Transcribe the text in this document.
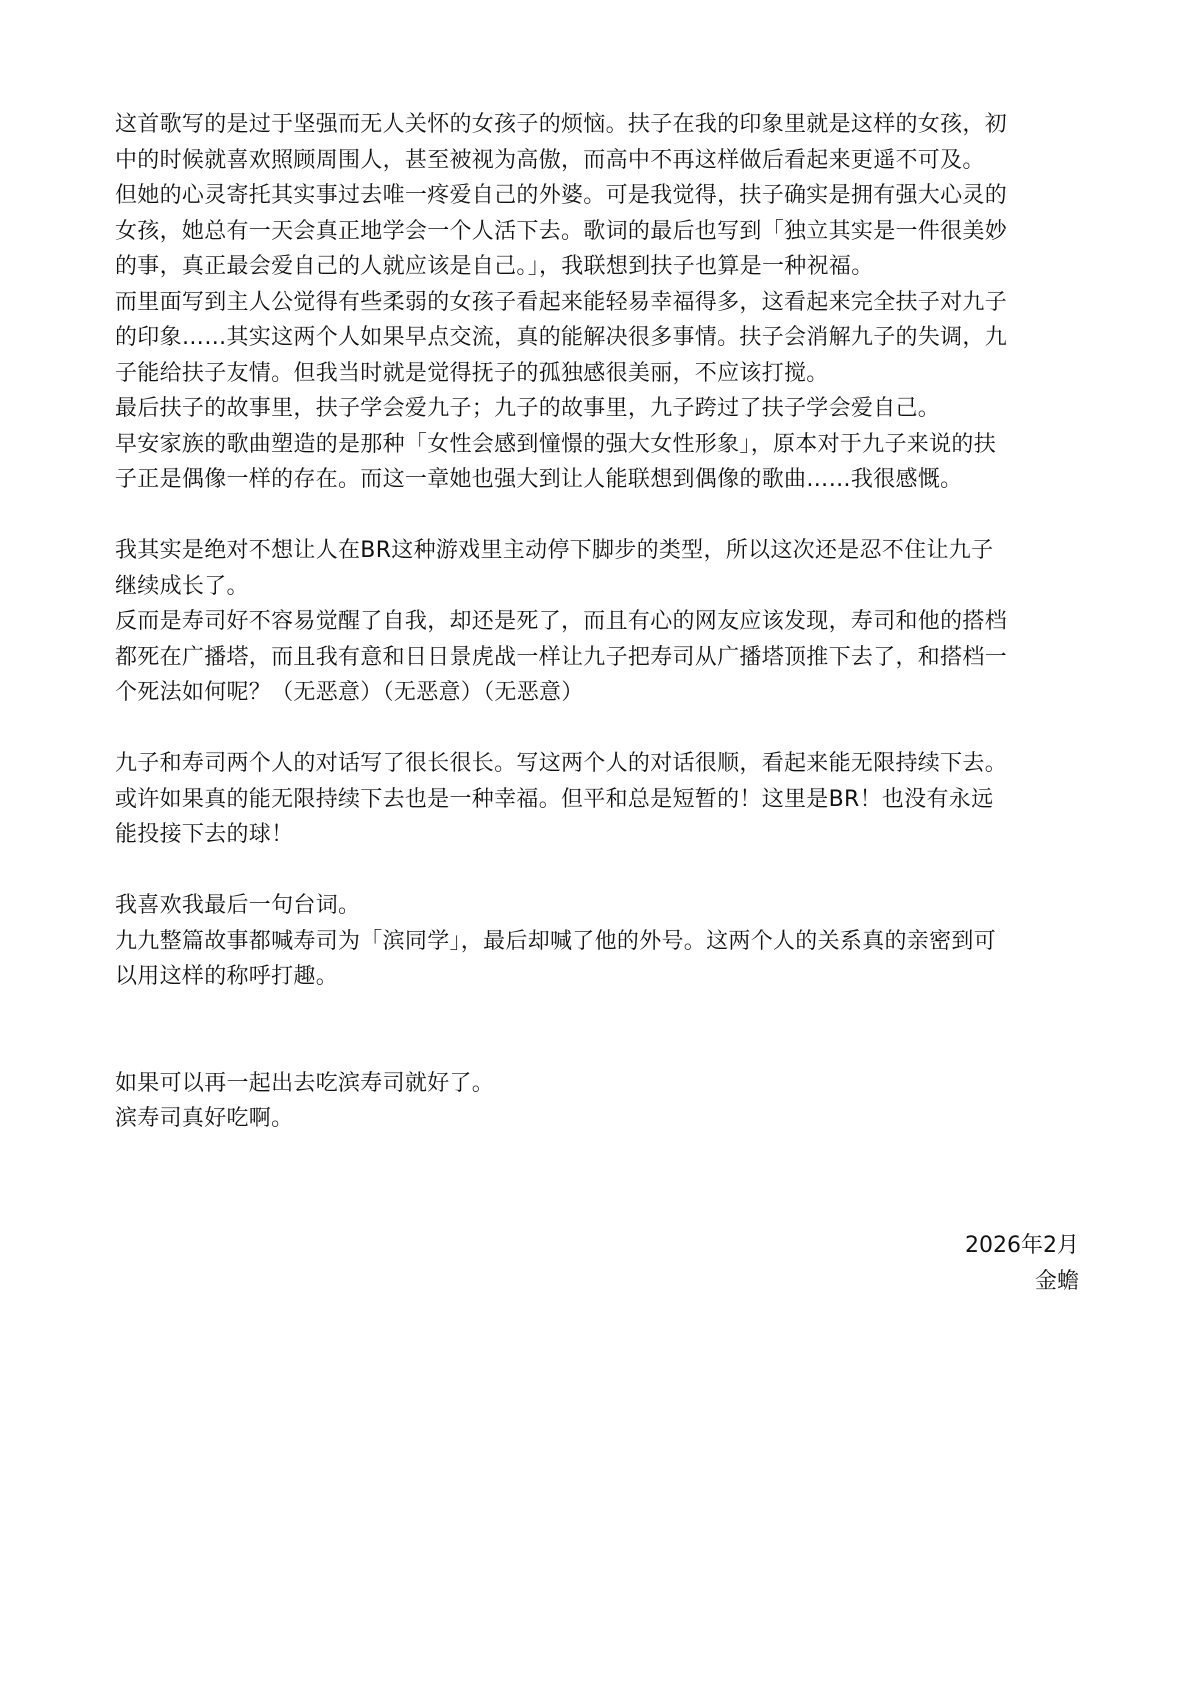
这首歌写的是过于坚强而无人关怀的女孩子的烦恼。扶子在我的印象里就是这样的女孩，初

中的时候就喜欢照顾周围人，甚至被视为高傲，而高中不再这样做后看起来更遥不可及。

但她的心灵寄托其实事过去唯一疼爱自己的外婆。可是我觉得，扶子确实是拥有强大心灵的

女孩，她总有一天会真正地学会一个人活下去。歌词的最后也写到「独立其实是一件很美妙

的事，真正最会爱自己的人就应该是自己。」，我联想到扶子也算是一种祝福。

而里面写到主人公觉得有些柔弱的女孩子看起来能轻易幸福得多，这看起来完全扶子对九子

的印象……其实这两个人如果早点交流，真的能解决很多事情。扶子会消解九子的失调，九

子能给扶子友情。但我当时就是觉得抚子的孤独感很美丽，不应该打搅。

最后扶子的故事里，扶子学会爱九子；九子的故事里，九子跨过了扶子学会爱自己。

早安家族的歌曲塑造的是那种「女性会感到憧憬的强大女性形象」，原本对于九子来说的扶

子正是偶像一样的存在。而这一章她也强大到让人能联想到偶像的歌曲……我很感慨。

我其实是绝对不想让人在BR这种游戏里主动停下脚步的类型，所以这次还是忍不住让九子

继续成长了。

反而是寿司好不容易觉醒了自我，却还是死了，而且有心的网友应该发现，寿司和他的搭档

都死在广播塔，而且我有意和日日景虎战一样让九子把寿司从广播塔顶推下去了，和搭档一

个死法如何呢？（无恶意）（无恶意）（无恶意）

九子和寿司两个人的对话写了很长很长。写这两个人的对话很顺，看起来能无限持续下去。

或许如果真的能无限持续下去也是一种幸福。但平和总是短暂的！这里是BR！也没有永远

能投接下去的球！

我喜欢我最后一句台词。

九九整篇故事都喊寿司为「滨同学」，最后却喊了他的外号。这两个人的关系真的亲密到可

以用这样的称呼打趣。

如果可以再一起出去吃滨寿司就好了。

滨寿司真好吃啊。

2026年2月
金蟾
